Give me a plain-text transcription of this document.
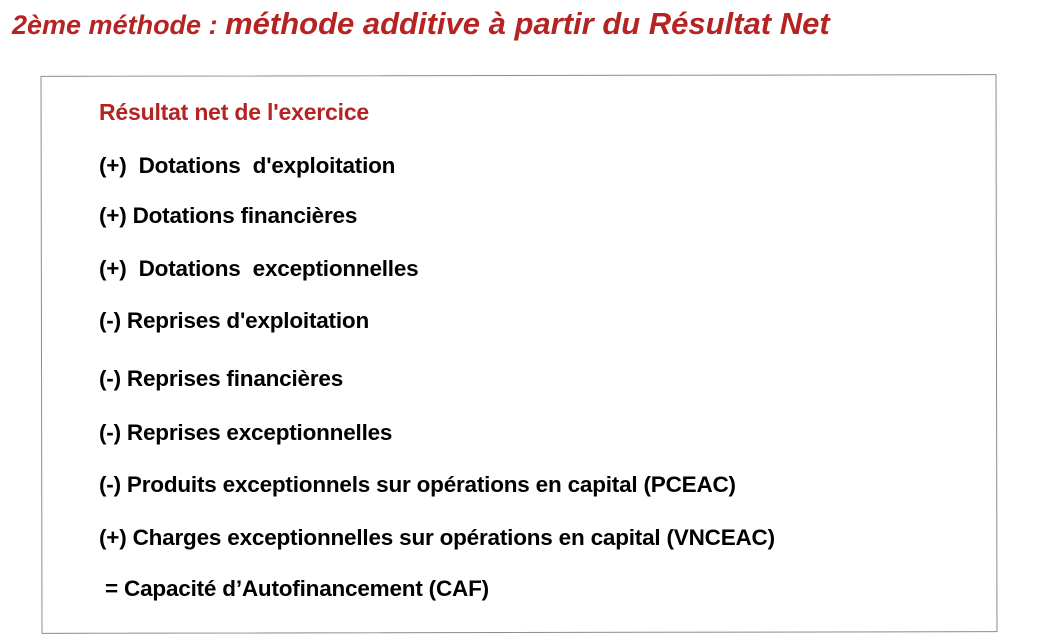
2ème méthode : méthode additive à partir du Résultat Net

Résultat net de l'exercice

(+)  Dotations  d'exploitation

(+) Dotations financières

(+)  Dotations  exceptionnelles

(-) Reprises d'exploitation

(-) Reprises financières

(-) Reprises exceptionnelles

(-) Produits exceptionnels sur opérations en capital (PCEAC)

(+) Charges exceptionnelles sur opérations en capital (VNCEAC)

= Capacité d’Autofinancement (CAF)
